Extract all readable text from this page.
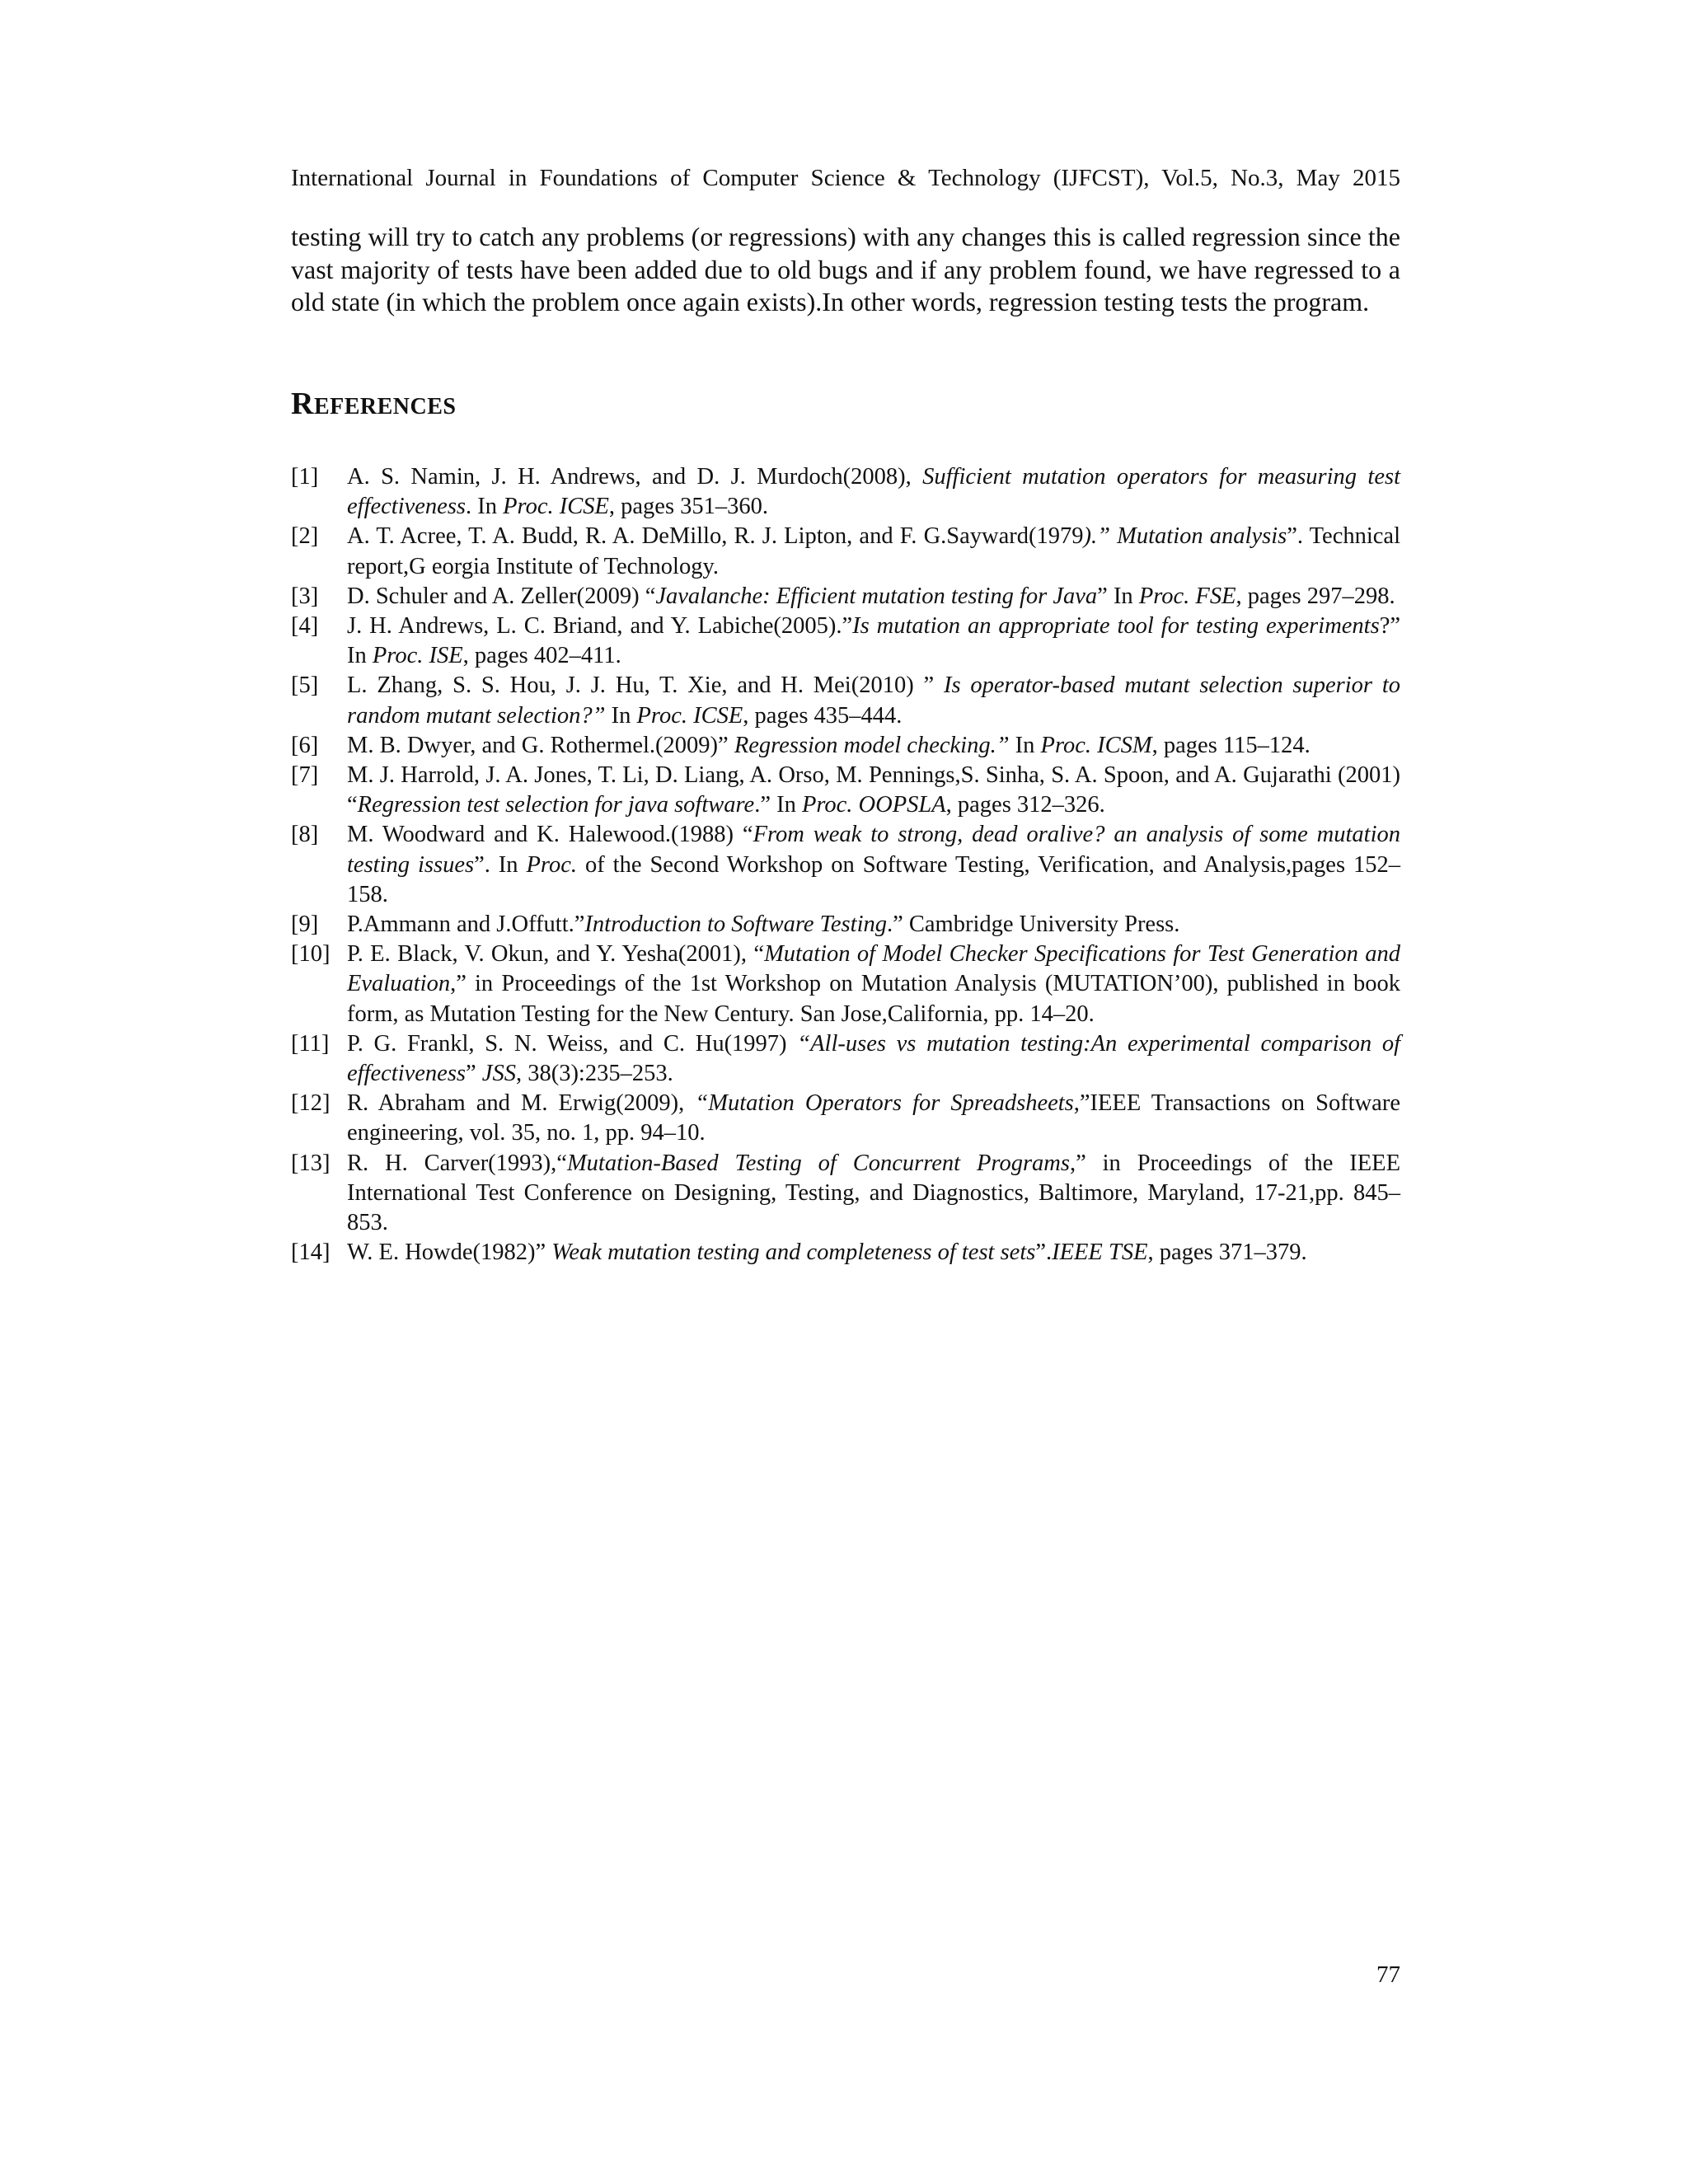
International Journal in Foundations of Computer Science & Technology (IJFCST), Vol.5, No.3, May 2015

testing will try to catch any problems (or regressions) with any changes this is called regression since the vast majority of tests have been added due to old bugs and if any problem found, we have regressed to a old state (in which the problem once again exists).In other words, regression testing tests the program.

REFERENCES
[1]	A. S. Namin, J. H. Andrews, and D. J. Murdoch(2008), Sufficient mutation operators for measuring test effectiveness. In Proc. ICSE, pages 351–360.
[2]	A. T. Acree, T. A. Budd, R. A. DeMillo, R. J. Lipton, and F. G.Sayward(1979).” Mutation analysis”. Technical report,G eorgia Institute of Technology.
[3]	D. Schuler and A. Zeller(2009) “Javalanche: Efficient mutation testing for Java” In Proc. FSE, pages 297–298.
[4]	J. H. Andrews, L. C. Briand, and Y. Labiche(2005).”Is mutation an appropriate tool for testing experiments?” In Proc. ISE, pages 402–411.
[5]	L. Zhang, S. S. Hou, J. J. Hu, T. Xie, and H. Mei(2010) ” Is operator-based mutant selection superior to random mutant selection?” In Proc. ICSE, pages 435–444.
[6]	M. B. Dwyer, and G. Rothermel.(2009)” Regression model checking.” In Proc. ICSM, pages 115–124.
[7]	M. J. Harrold, J. A. Jones, T. Li, D. Liang, A. Orso, M. Pennings,S. Sinha, S. A. Spoon, and A. Gujarathi (2001) “Regression test selection for java software.” In Proc. OOPSLA, pages 312–326.
[8]	M. Woodward and K. Halewood.(1988) “From weak to strong, dead oralive? an analysis of some mutation testing issues”. In Proc. of the Second Workshop on Software Testing, Verification, and Analysis,pages 152–158.
[9]	P.Ammann and J.Offutt.”Introduction to Software Testing.” Cambridge University Press.
[10] P. E. Black, V. Okun, and Y. Yesha(2001), “Mutation of Model Checker Specifications for Test Generation and Evaluation,” in Proceedings of the 1st Workshop on Mutation Analysis (MUTATION’00), published in book form, as Mutation Testing for the New Century. San Jose,California, pp. 14–20.
[11] P. G. Frankl, S. N. Weiss, and C. Hu(1997) “All-uses vs mutation testing:An experimental comparison of effectiveness” JSS, 38(3):235–253.
[12] R. Abraham and M. Erwig(2009), “Mutation Operators for Spreadsheets,”IEEE Transactions on Software engineering, vol. 35, no. 1, pp. 94–10.
[13] R. H. Carver(1993),“Mutation-Based Testing of Concurrent Programs,” in Proceedings of the IEEE International Test Conference on Designing, Testing, and Diagnostics, Baltimore, Maryland, 17-21,pp. 845–853.
[14] W. E. Howde(1982)” Weak mutation testing and completeness of test sets”.IEEE TSE, pages 371–379.
77
